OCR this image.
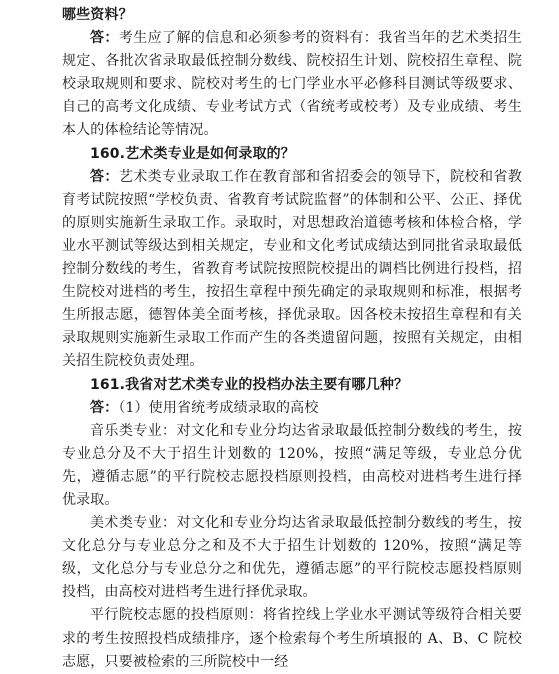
哪些资料？

答：考生应了解的信息和必须参考的资料有：我省当年的艺术类招生规定、各批次省录取最低控制分数线、院校招生计划、院校招生章程、院校录取规则和要求、院校对考生的七门学业水平必修科目测试等级要求、自己的高考文化成绩、专业考试方式（省统考或校考）及专业成绩、考生本人的体检结论等情况。

160.艺术类专业是如何录取的？

答：艺术类专业录取工作在教育部和省招委会的领导下，院校和省教育考试院按照“学校负责、省教育考试院监督”的体制和公平、公正、择优的原则实施新生录取工作。录取时，对思想政治道德考核和体检合格，学业水平测试等级达到相关规定，专业和文化考试成绩达到同批省录取最低控制分数线的考生，省教育考试院按照院校提出的调档比例进行投档，招生院校对进档的考生，按招生章程中预先确定的录取规则和标准，根据考生所报志愿，德智体美全面考核，择优录取。因各校未按招生章程和有关录取规则实施新生录取工作而产生的各类遗留问题，按照有关规定，由相关招生院校负责处理。

161.我省对艺术类专业的投档办法主要有哪几种？

答：（1）使用省统考成绩录取的高校

音乐类专业：对文化和专业分均达省录取最低控制分数线的考生，按专业总分及不大于招生计划数的 120%，按照“满足等级，专业总分优先，遵循志愿”的平行院校志愿投档原则投档，由高校对进档考生进行择优录取。

美术类专业：对文化和专业分均达省录取最低控制分数线的考生，按文化总分与专业总分之和及不大于招生计划数的 120%，按照“满足等级，文化总分与专业总分之和优先，遵循志愿”的平行院校志愿投档原则投档，由高校对进档考生进行择优录取。

平行院校志愿的投档原则：将省控线上学业水平测试等级符合相关要求的考生按照投档成绩排序，逐个检索每个考生所填报的 A、B、C 院校志愿，只要被检索的三所院校中一经
